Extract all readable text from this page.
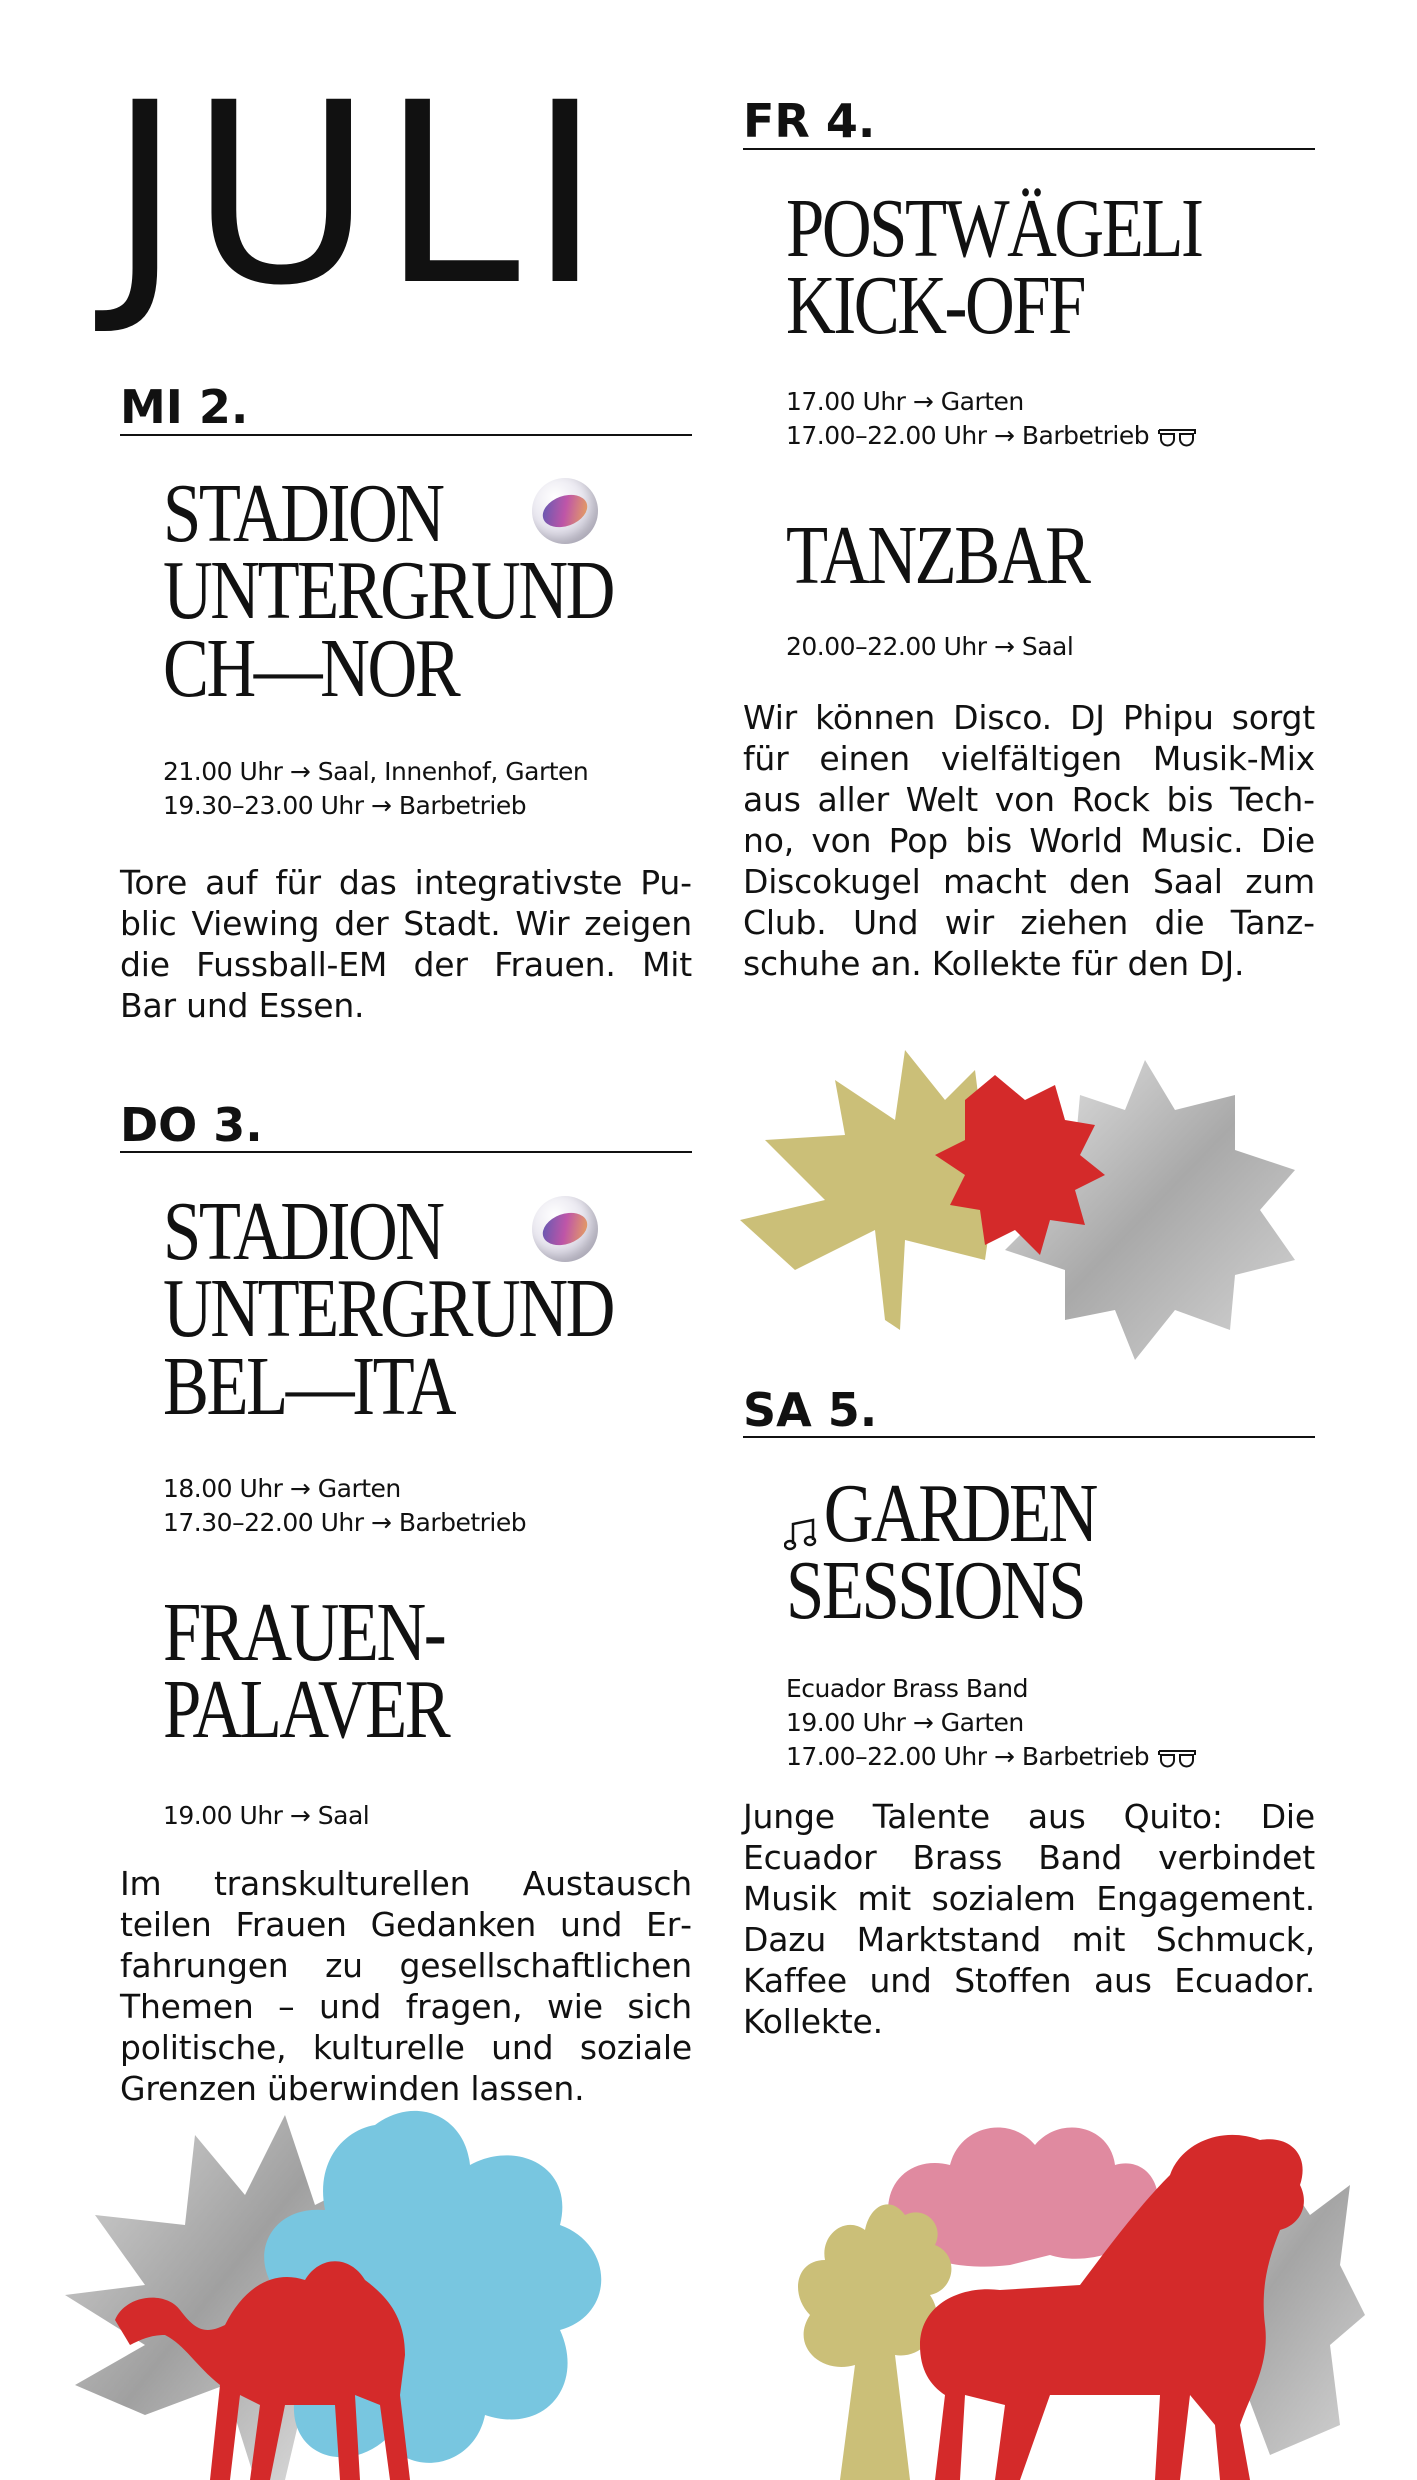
JULI
MI 2.
STADION
UNTERGRUND
CH—NOR
21.00 Uhr → Saal, Innenhof, Garten
19.30–23.00 Uhr → Barbetrieb

Tore auf für das integrativste Public Viewing der Stadt. Wir zeigen die Fussball-EM der Frauen. Mit Bar und Essen.

DO 3.
STADION
UNTERGRUND
BEL—ITA
18.00 Uhr → Garten
17.30–22.00 Uhr → Barbetrieb
FRAUEN-
PALAVER
19.00 Uhr → Saal

Im transkulturellen Austausch teilen Frauen Gedanken und Erfahrungen zu gesellschaftlichen Themen – und fragen, wie sich politische, kulturelle und soziale Grenzen überwinden lassen.

FR 4.
POSTWÄGELI
KICK-OFF
17.00 Uhr → Garten
17.00–22.00 Uhr → Barbetrieb
TANZBAR
20.00–22.00 Uhr → Saal

Wir können Disco. DJ Phipu sorgt für einen vielfältigen Musik-Mix aus aller Welt von Rock bis Techno, von Pop bis World Music. Die Discokugel macht den Saal zum Club. Und wir ziehen die Tanzschuhe an. Kollekte für den DJ.

SA 5.
GARDEN
SESSIONS
Ecuador Brass Band
19.00 Uhr → Garten
17.00–22.00 Uhr → Barbetrieb

Junge Talente aus Quito: Die Ecuador Brass Band verbindet Musik mit sozialem Engagement. Dazu Marktstand mit Schmuck, Kaffee und Stoffen aus Ecuador. Kollekte.
